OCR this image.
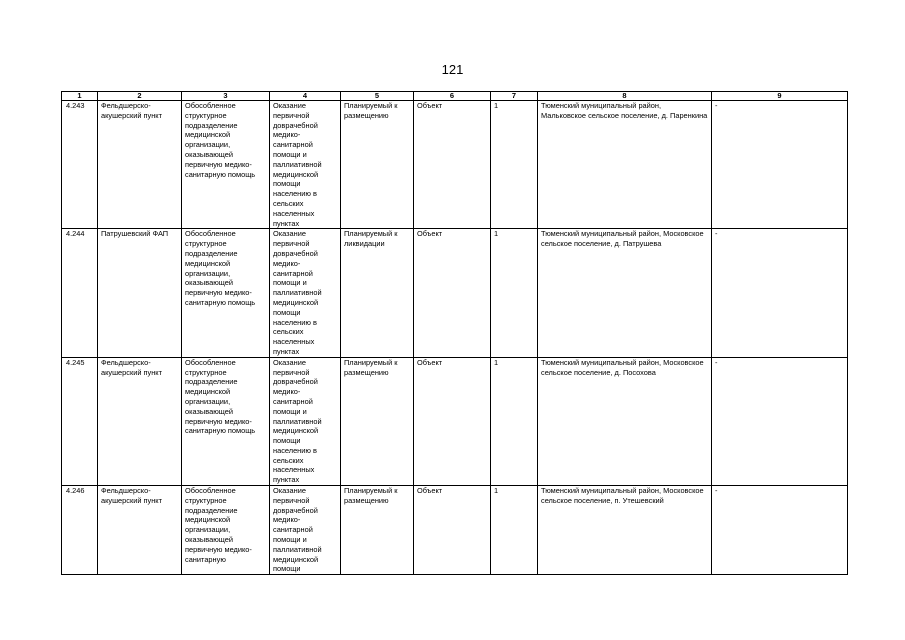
121
1	2	3	4	5	6	7	8	9
4.243	Фельдшерско-акушерский пункт	Обособленное структурное подразделение медицинской организации, оказывающей первичную медико-санитарную помощь	Оказание первичной доврачебной медико-санитарной помощи и паллиативной медицинской помощи населению в сельских населенных пунктах	Планируемый к размещению	Объект	1	Тюменский муниципальный район, Мальковское сельское поселение, д. Паренкина	-
4.244	Патрушевский ФАП	Обособленное структурное подразделение медицинской организации, оказывающей первичную медико-санитарную помощь	Оказание первичной доврачебной медико-санитарной помощи и паллиативной медицинской помощи населению в сельских населенных пунктах	Планируемый к ликвидации	Объект	1	Тюменский муниципальный район, Московское сельское поселение, д. Патрушева	-
4.245	Фельдшерско-акушерский пункт	Обособленное структурное подразделение медицинской организации, оказывающей первичную медико-санитарную помощь	Оказание первичной доврачебной медико-санитарной помощи и паллиативной медицинской помощи населению в сельских населенных пунктах	Планируемый к размещению	Объект	1	Тюменский муниципальный район, Московское сельское поселение, д. Посохова	-
4.246	Фельдшерско-акушерский пункт	Обособленное структурное подразделение медицинской организации, оказывающей первичную медико-санитарную	Оказание первичной доврачебной медико-санитарной помощи и паллиативной медицинской помощи	Планируемый к размещению	Объект	1	Тюменский муниципальный район, Московское сельское поселение, п. Утешевский	-
